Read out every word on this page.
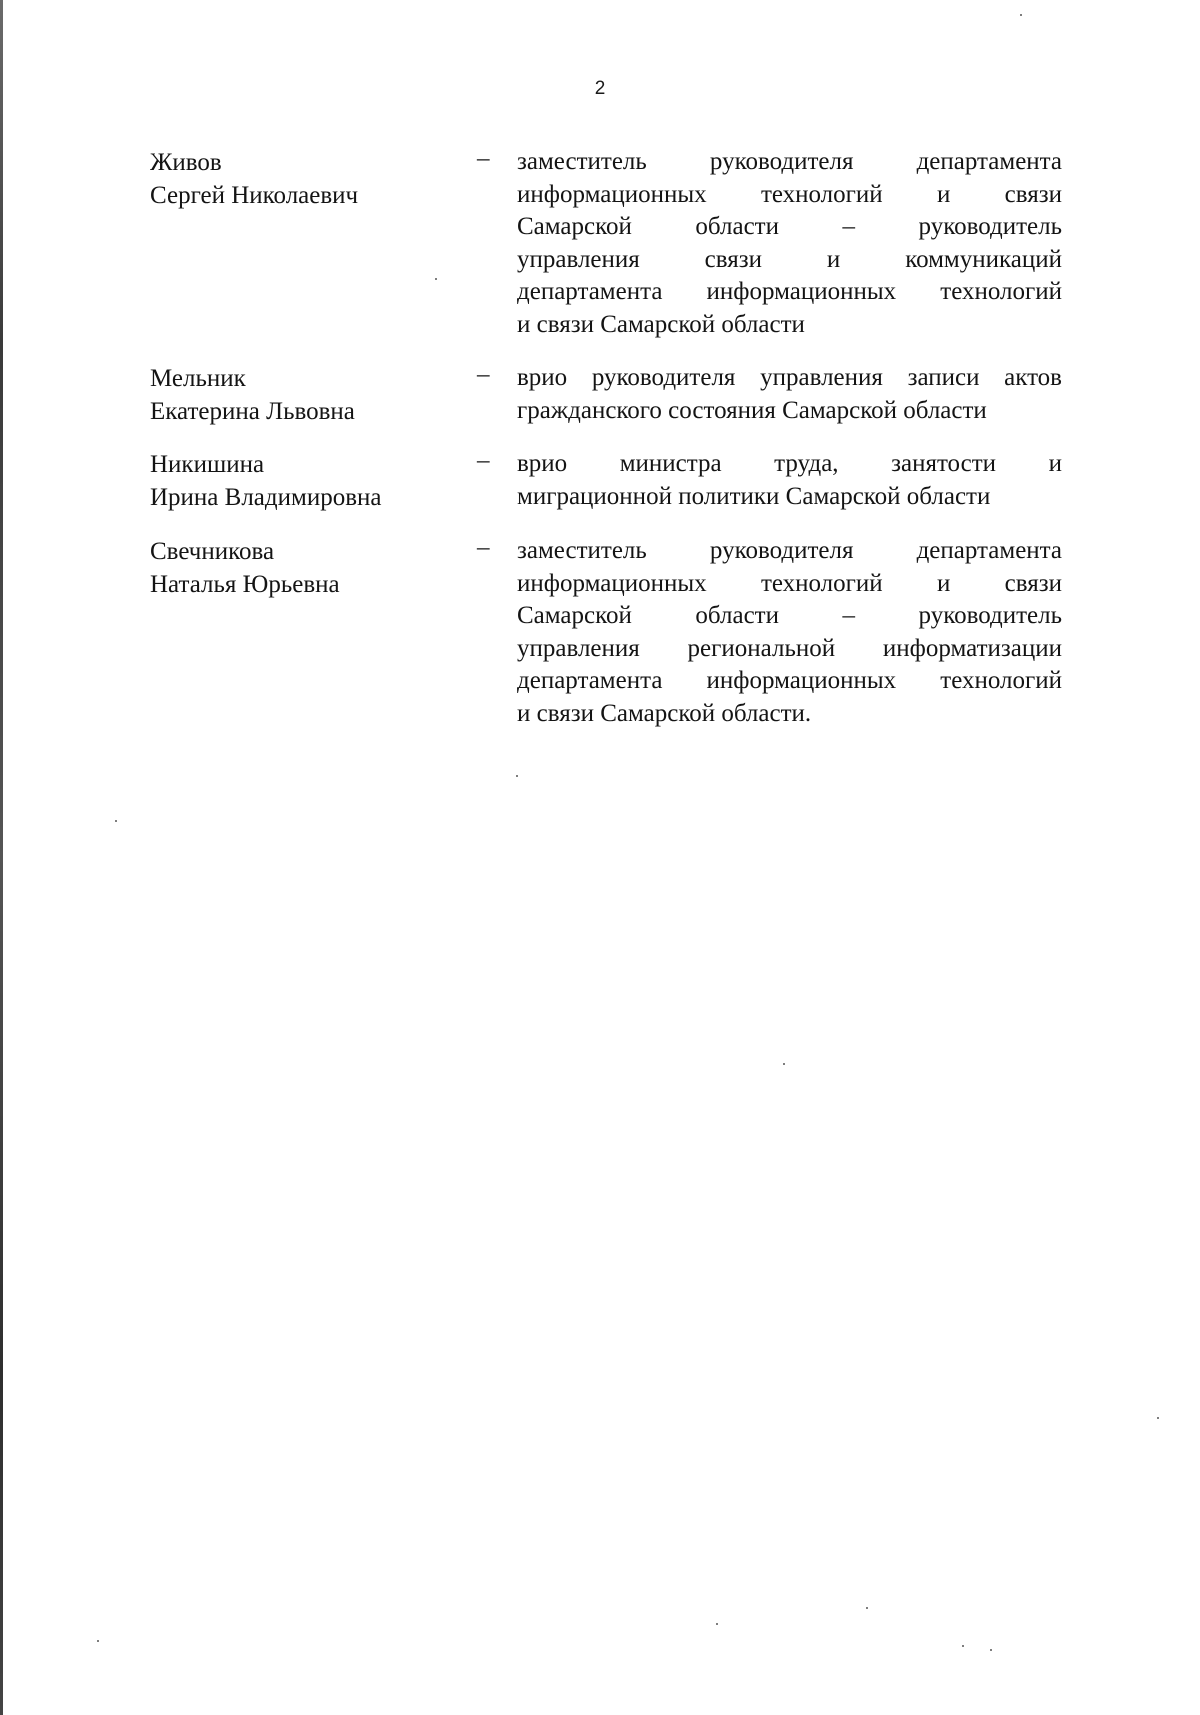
2
Живов
Сергей Николаевич
– заместитель руководителя департамента
информационных технологий и связи
Самарской области – руководитель
управления связи и коммуникаций
департамента информационных технологий
и связи Самарской области
Мельник
Екатерина Львовна
– врио руководителя управления записи актов
гражданского состояния Самарской области
Никишина
Ирина Владимировна
– врио министра труда, занятости и
миграционной политики Самарской области
Свечникова
Наталья Юрьевна
– заместитель руководителя департамента
информационных технологий и связи
Самарской области – руководитель
управления региональной информатизации
департамента информационных технологий
и связи Самарской области.
